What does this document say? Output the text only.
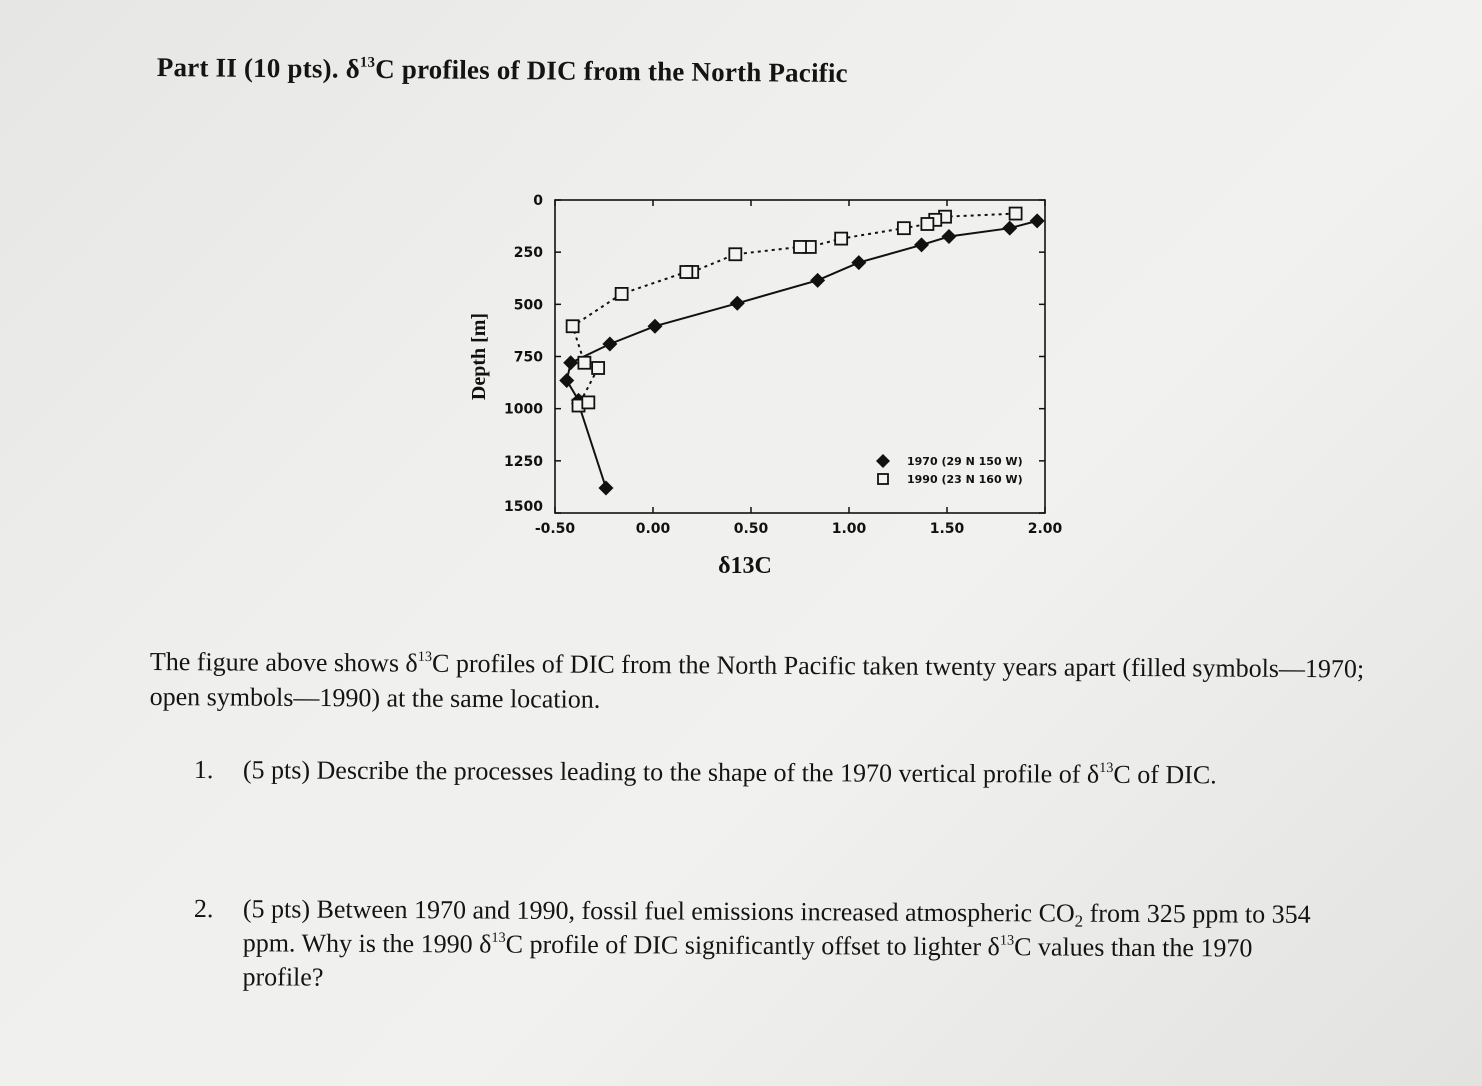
Part II (10 pts). $\delta^{13}C$ profiles of DIC from the North Pacific
-0.50	0.00	0.50	1.00	1.50	2.00
0
250
500
750
1000
1250
1500
δ13C
Depth [m]
1970 (29 N 150 W)
1990 (23 N 160 W)
The figure above shows $\delta^{13}C$ profiles of DIC from the North Pacific taken twenty years apart (filled symbols—1970; open symbols—1990) at the same location.
1. (5 pts) Describe the processes leading to the shape of the 1970 vertical profile of $\delta^{13}C$ of DIC.
2. (5 pts) Between 1970 and 1990, fossil fuel emissions increased atmospheric $CO_2$ from 325 ppm to 354 ppm. Why is the 1990 $\delta^{13}C$ profile of DIC significantly offset to lighter $\delta^{13}C$ values than the 1970 profile?
